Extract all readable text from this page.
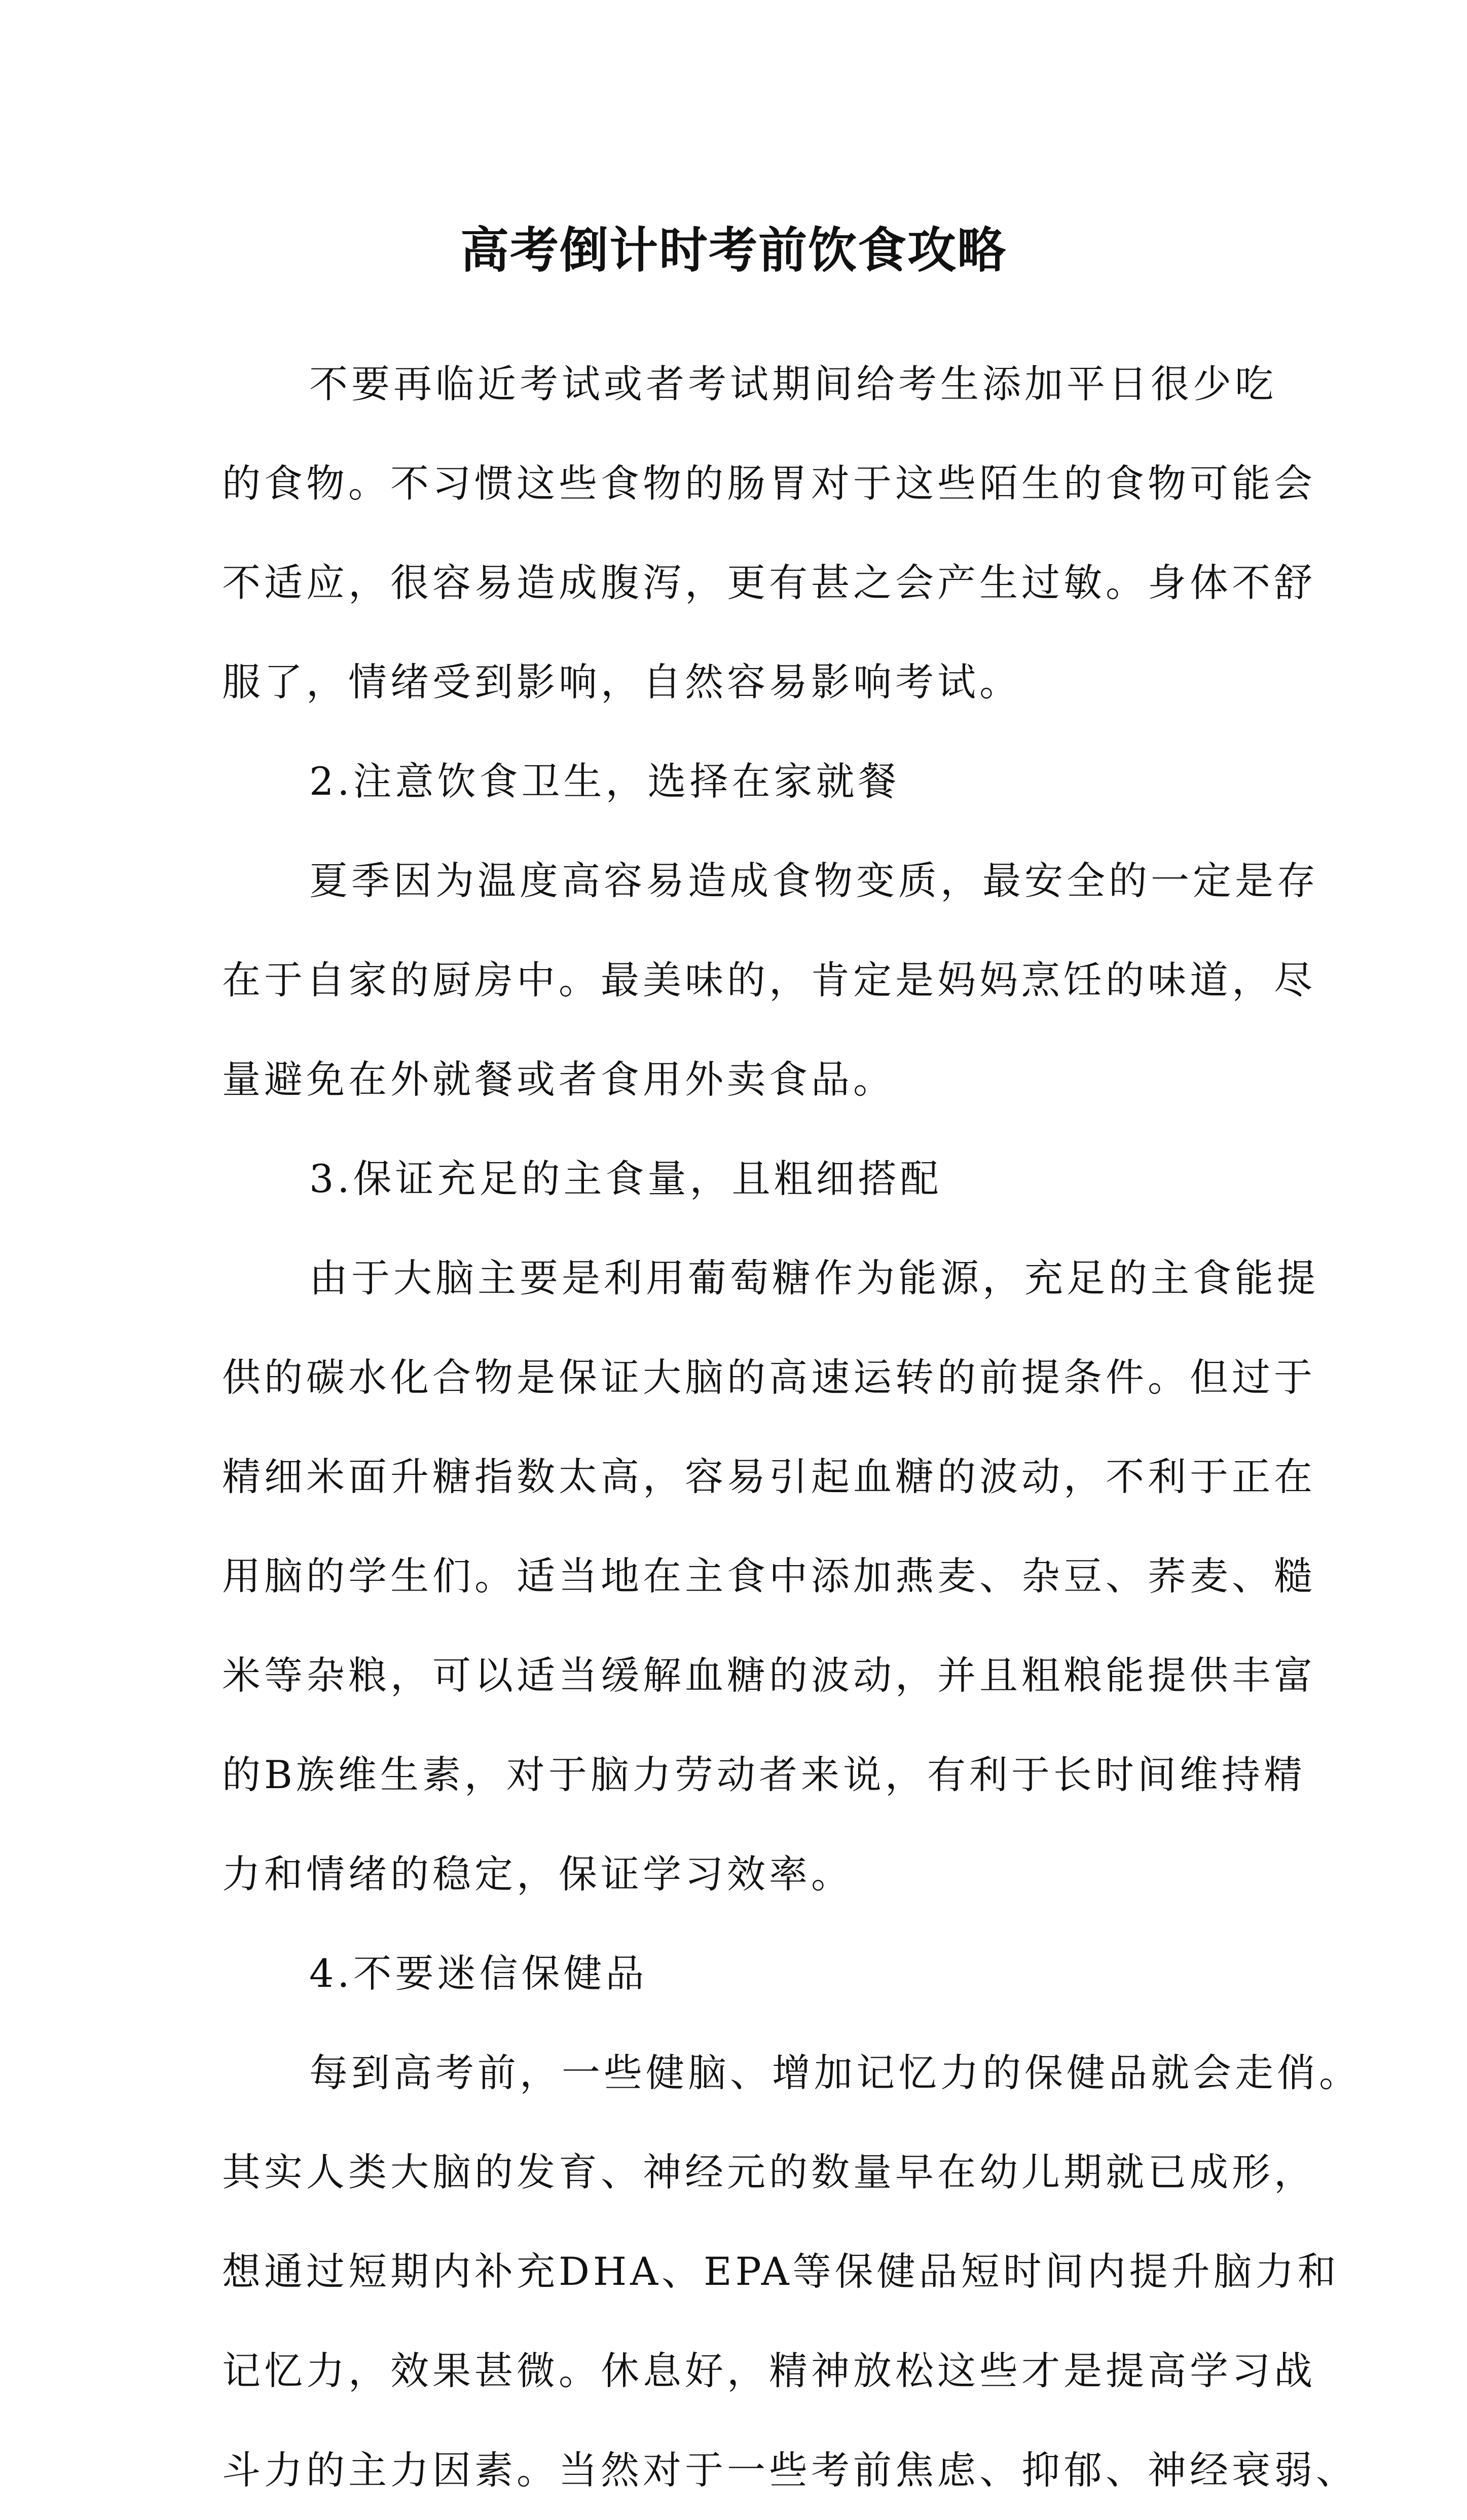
高考倒计时考前饮食攻略
不要再临近考试或者考试期间给考生添加平日很少吃
的食物。不习惯这些食物的肠胃对于这些陌生的食物可能会
不适应，很容易造成腹泻，更有甚之会产生过敏。身体不舒
服了，情绪受到影响，自然容易影响考试。
2.注意饮食卫生，选择在家就餐
夏季因为温度高容易造成食物变质，最安全的一定是存
在于自家的厨房中。最美味的，肯定是妈妈烹饪的味道，尽
量避免在外就餐或者食用外卖食品。
3.保证充足的主食量，且粗细搭配
由于大脑主要是利用葡萄糖作为能源，充足的主食能提
供的碳水化合物是保证大脑的高速运转的前提条件。但过于
精细米面升糖指数太高，容易引起血糖的波动，不利于正在
用脑的学生们。适当地在主食中添加燕麦、杂豆、荞麦、糙
米等杂粮，可以适当缓解血糖的波动，并且粗粮能提供丰富
的B族维生素，对于脑力劳动者来说，有利于长时间维持精
力和情绪的稳定，保证学习效率。
4.不要迷信保健品
每到高考前，一些健脑、增加记忆力的保健品就会走俏。
其实人类大脑的发育、神经元的数量早在幼儿期就已成形，
想通过短期内补充DHA、EPA等保健品短时间内提升脑力和
记忆力，效果甚微。休息好，精神放松这些才是提高学习战
斗力的主力因素。当然对于一些考前焦虑、抑郁、神经衰弱、
